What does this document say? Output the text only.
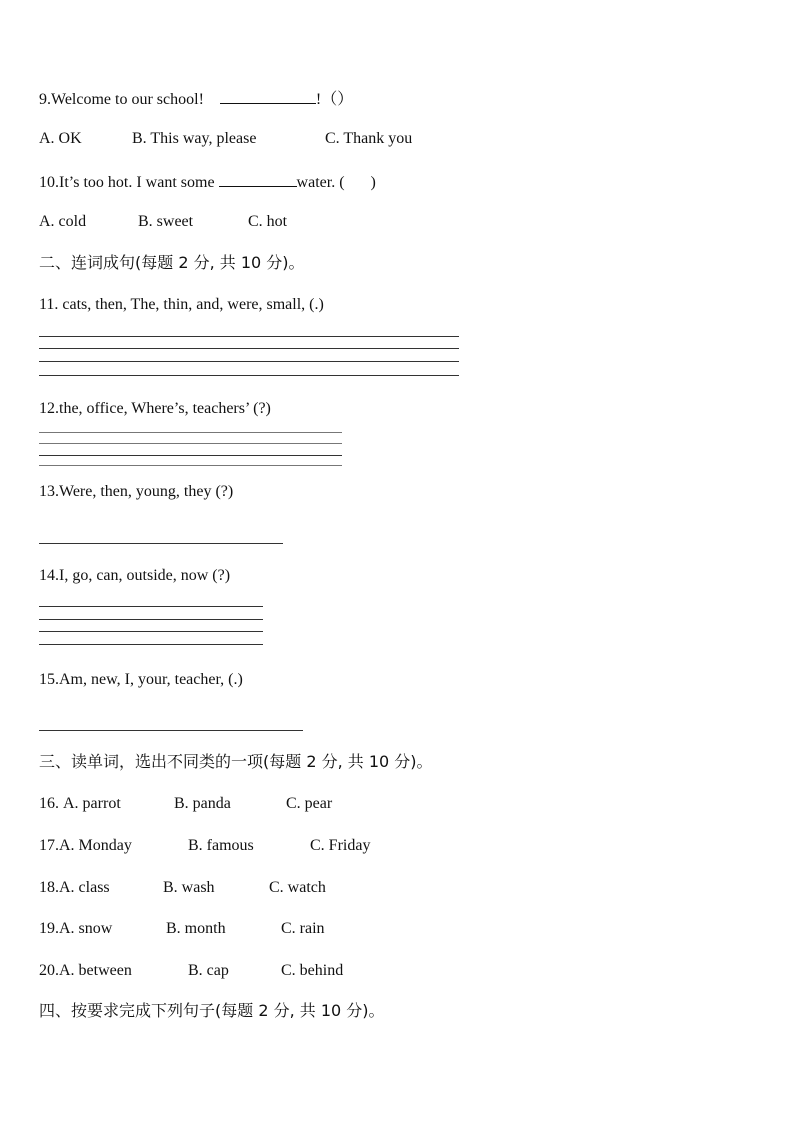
9.Welcome to our school!	!（）
A. OK	B. This way, please	C. Thank you
10.It’s too hot. I want some	water. ( )
A. cold	B. sweet	C. hot
二、连词成句(每题 2 分, 共 10 分)。
11. cats, then, The, thin, and, were, small, (.)
12.the, office, Where’s, teachers’ (?)
13.Were, then, young, they (?)
14.I, go, can, outside, now (?)
15.Am, new, I, your, teacher, (.)
三、读单词，选出不同类的一项(每题 2 分, 共 10 分)。
16. A. parrot	B. panda	C. pear
17.A. Monday	B. famous	C. Friday
18.A. class	B. wash	C. watch
19.A. snow	B. month	C. rain
20.A. between	B. cap	C. behind
四、按要求完成下列句子(每题 2 分, 共 10 分)。
